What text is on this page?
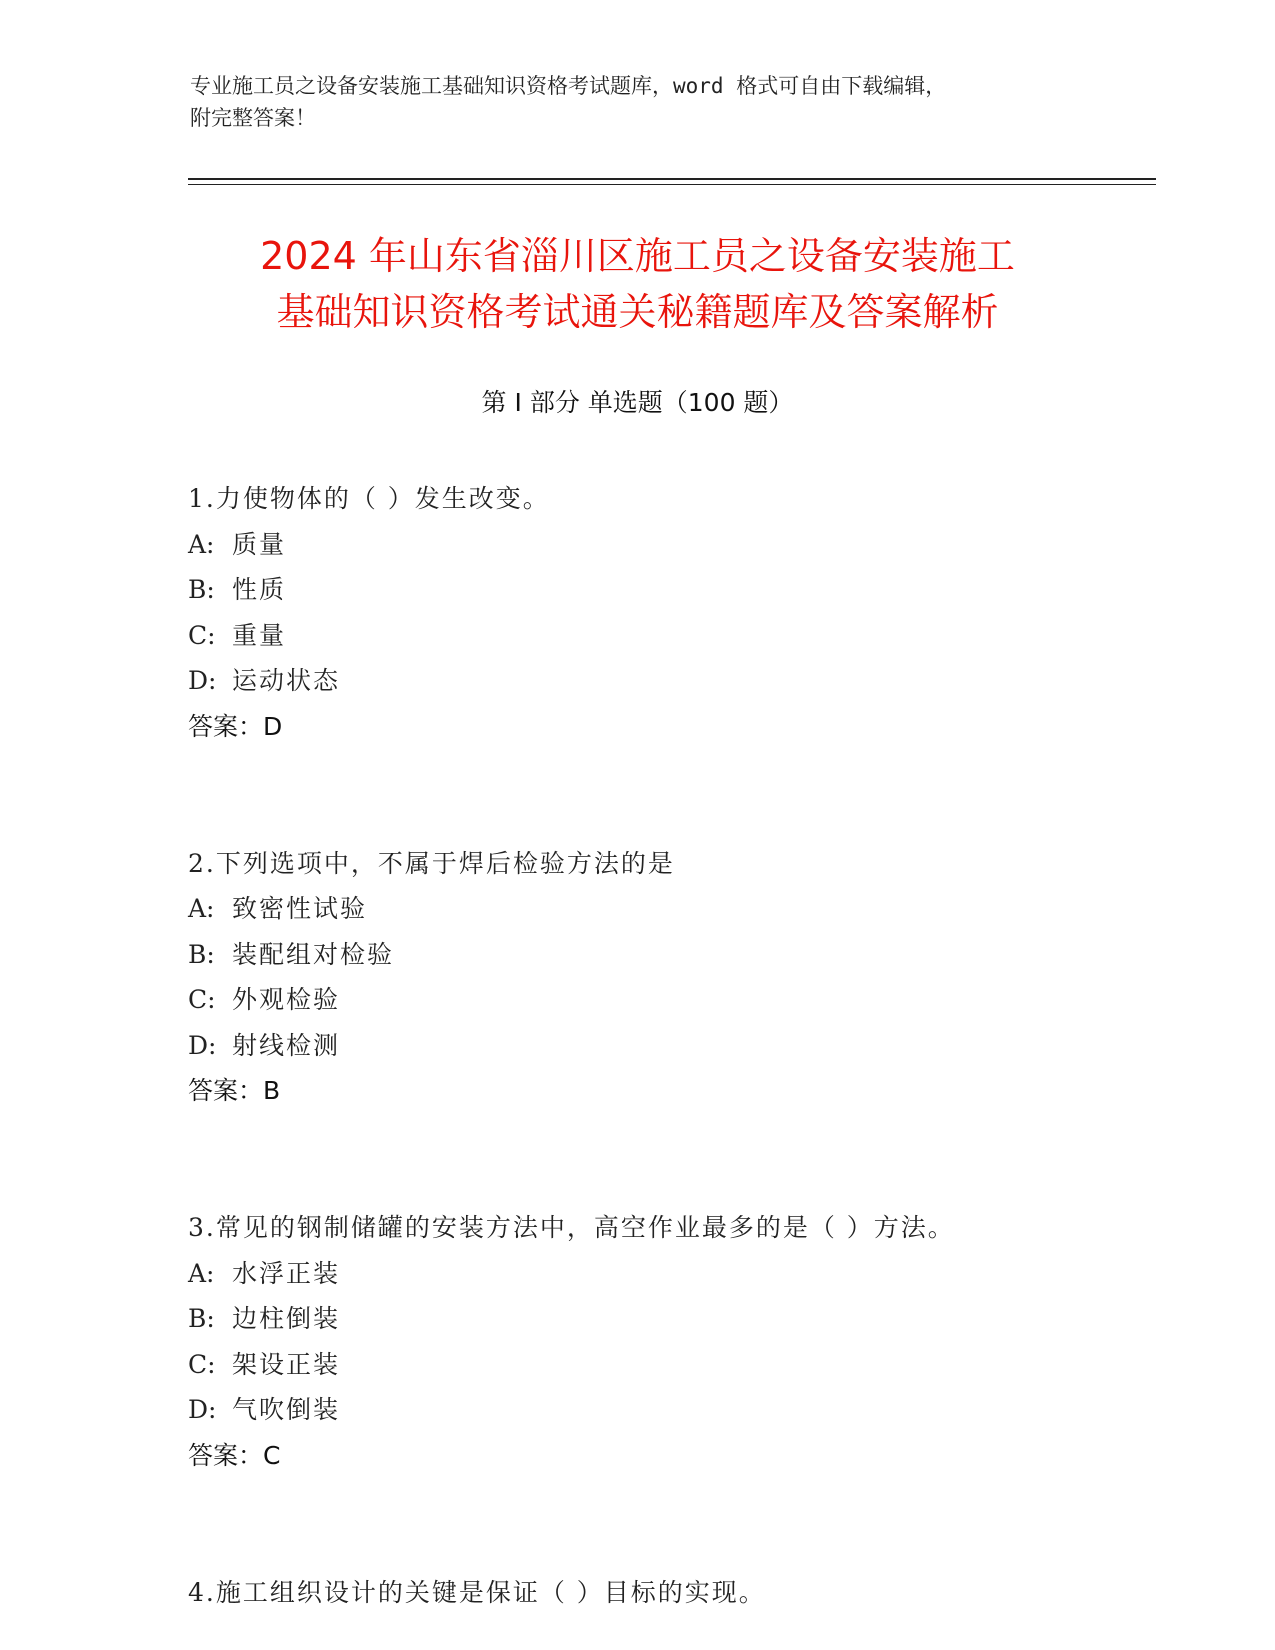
专业施工员之设备安装施工基础知识资格考试题库，word 格式可自由下载编辑，
附完整答案！
2024 年山东省淄川区施工员之设备安装施工
基础知识资格考试通关秘籍题库及答案解析
第 I 部分 单选题（100 题）
1.力使物体的（ ）发生改变。
A: 质量
B: 性质
C: 重量
D: 运动状态
答案：D
2.下列选项中，不属于焊后检验方法的是
A: 致密性试验
B: 装配组对检验
C: 外观检验
D: 射线检测
答案：B
3.常见的钢制储罐的安装方法中，高空作业最多的是（ ）方法。
A: 水浮正装
B: 边柱倒装
C: 架设正装
D: 气吹倒装
答案：C
4.施工组织设计的关键是保证（ ）目标的实现。
